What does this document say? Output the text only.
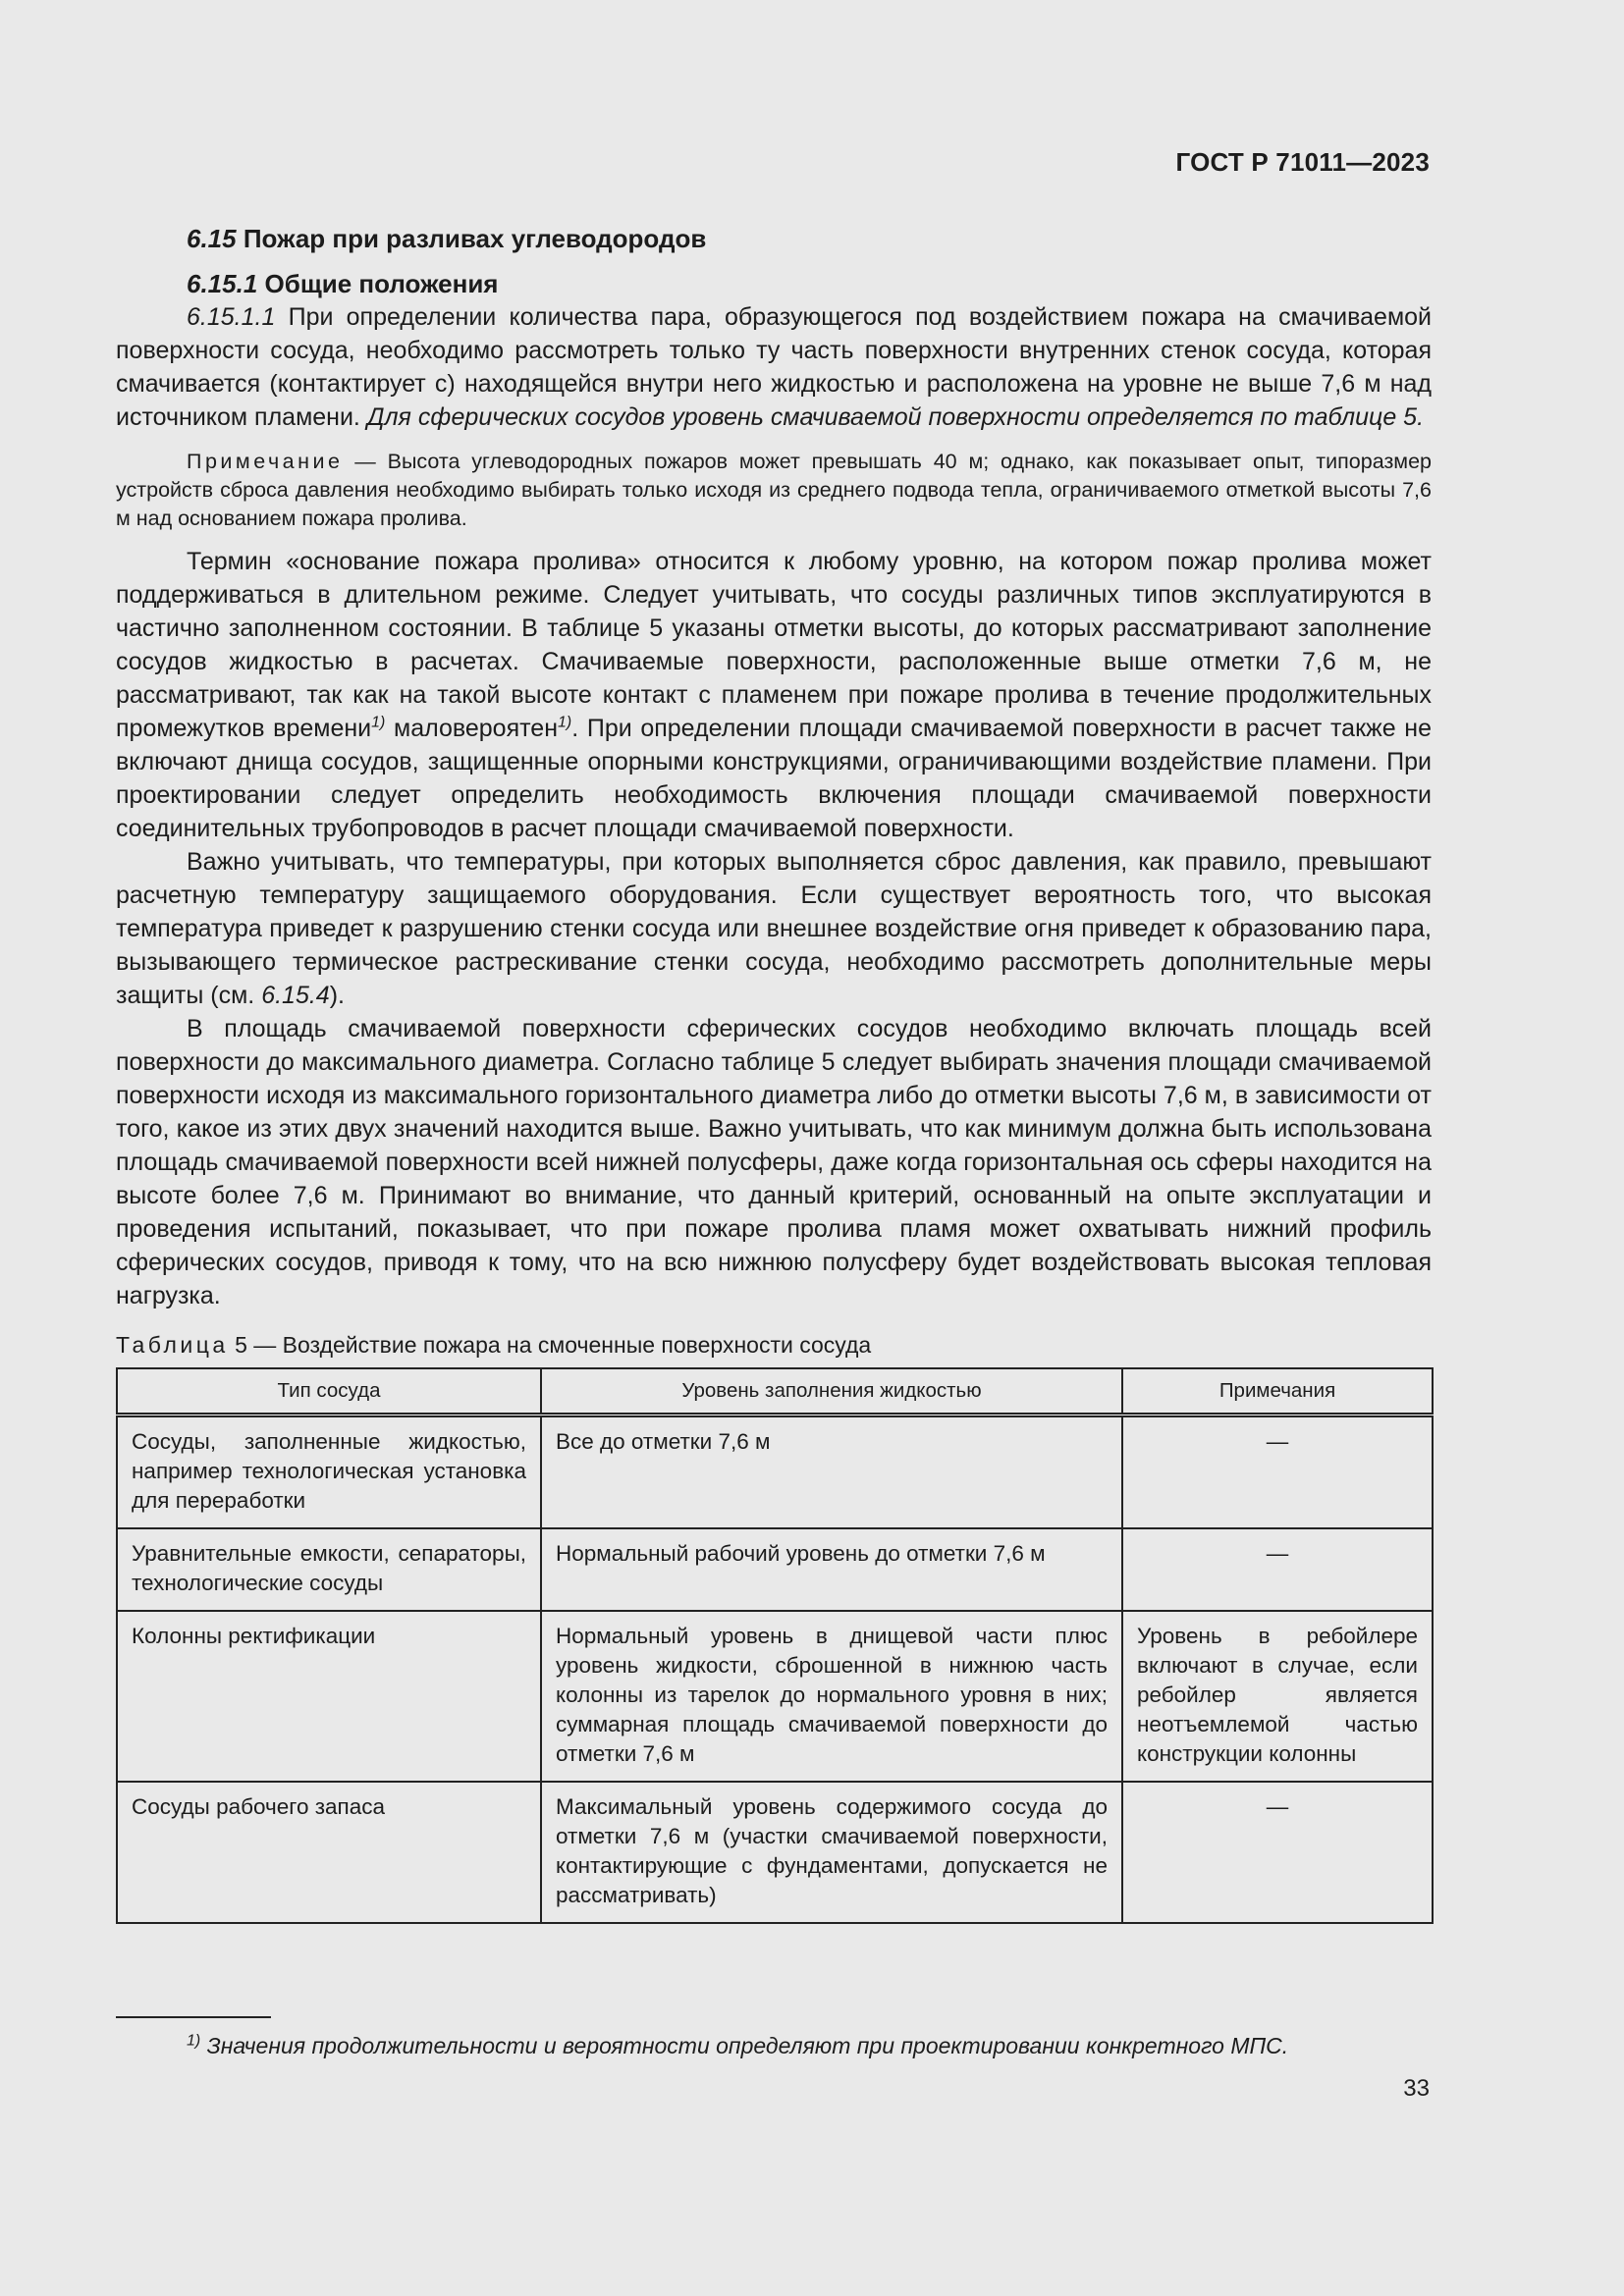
ГОСТ Р 71011—2023
6.15 Пожар при разливах углеводородов
6.15.1 Общие положения

6.15.1.1 При определении количества пара, образующегося под воздействием пожара на смачиваемой поверхности сосуда, необходимо рассмотреть только ту часть поверхности внутренних стенок сосуда, которая смачивается (контактирует с) находящейся внутри него жидкостью и расположена на уровне не выше 7,6 м над источником пламени. Для сферических сосудов уровень смачиваемой поверхности определяется по таблице 5.

Примечание — Высота углеводородных пожаров может превышать 40 м; однако, как показывает опыт, типоразмер устройств сброса давления необходимо выбирать только исходя из среднего подвода тепла, ограничиваемого отметкой высоты 7,6 м над основанием пожара пролива.

Термин «основание пожара пролива» относится к любому уровню, на котором пожар пролива может поддерживаться в длительном режиме. Следует учитывать, что сосуды различных типов эксплуатируются в частично заполненном состоянии. В таблице 5 указаны отметки высоты, до которых рассматривают заполнение сосудов жидкостью в расчетах. Смачиваемые поверхности, расположенные выше отметки 7,6 м, не рассматривают, так как на такой высоте контакт с пламенем при пожаре пролива в течение продолжительных промежутков времени$^{1)}$ маловероятен$^{1)}$. При определении площади смачиваемой поверхности в расчет также не включают днища сосудов, защищенные опорными конструкциями, ограничивающими воздействие пламени. При проектировании следует определить необходимость включения площади смачиваемой поверхности соединительных трубопроводов в расчет площади смачиваемой поверхности.

Важно учитывать, что температуры, при которых выполняется сброс давления, как правило, превышают расчетную температуру защищаемого оборудования. Если существует вероятность того, что высокая температура приведет к разрушению стенки сосуда или внешнее воздействие огня приведет к образованию пара, вызывающего термическое растрескивание стенки сосуда, необходимо рассмотреть дополнительные меры защиты (см. 6.15.4).

В площадь смачиваемой поверхности сферических сосудов необходимо включать площадь всей поверхности до максимального диаметра. Согласно таблице 5 следует выбирать значения площади смачиваемой поверхности исходя из максимального горизонтального диаметра либо до отметки высоты 7,6 м, в зависимости от того, какое из этих двух значений находится выше. Важно учитывать, что как минимум должна быть использована площадь смачиваемой поверхности всей нижней полусферы, даже когда горизонтальная ось сферы находится на высоте более 7,6 м. Принимают во внимание, что данный критерий, основанный на опыте эксплуатации и проведения испытаний, показывает, что при пожаре пролива пламя может охватывать нижний профиль сферических сосудов, приводя к тому, что на всю нижнюю полусферу будет воздействовать высокая тепловая нагрузка.

Таблица 5 — Воздействие пожара на смоченные поверхности сосуда
Тип сосуда	Уровень заполнения жидкостью	Примечания
Сосуды, заполненные жидкостью, например технологическая установка для переработки	Все до отметки 7,6 м	—
Уравнительные емкости, сепараторы, технологические сосуды	Нормальный рабочий уровень до отметки 7,6 м	—
Колонны ректификации	Нормальный уровень в днищевой части плюс уровень жидкости, сброшенной в нижнюю часть колонны из тарелок до нормального уровня в них; суммарная площадь смачиваемой поверхности до отметки 7,6 м	Уровень в ребойлере включают в случае, если ребойлер является неотъемлемой частью конструкции колонны
Сосуды рабочего запаса	Максимальный уровень содержимого сосуда до отметки 7,6 м (участки смачиваемой поверхности, контактирующие с фундаментами, допускается не рассматривать)	—
$^{1)}$ Значения продолжительности и вероятности определяют при проектировании конкретного МПС.
33
